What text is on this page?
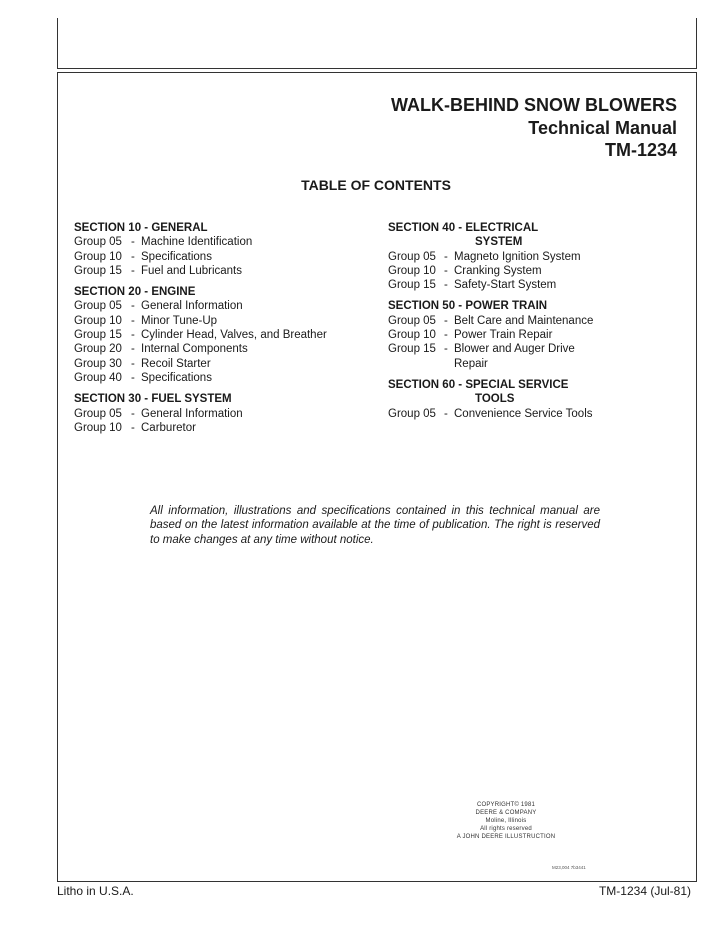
WALK-BEHIND SNOW BLOWERS
Technical Manual
TM-1234
TABLE OF CONTENTS
SECTION 10 - GENERAL
Group 05 - Machine Identification
Group 10 - Specifications
Group 15 - Fuel and Lubricants
SECTION 20 - ENGINE
Group 05 - General Information
Group 10 - Minor Tune-Up
Group 15 - Cylinder Head, Valves, and Breather
Group 20 - Internal Components
Group 30 - Recoil Starter
Group 40 - Specifications
SECTION 30 - FUEL SYSTEM
Group 05 - General Information
Group 10 - Carburetor
SECTION 40 - ELECTRICAL
SYSTEM
Group 05 - Magneto Ignition System
Group 10 - Cranking System
Group 15 - Safety-Start System
SECTION 50 - POWER TRAIN
Group 05 - Belt Care and Maintenance
Group 10 - Power Train Repair
Group 15 - Blower and Auger Drive Repair
SECTION 60 - SPECIAL SERVICE
TOOLS
Group 05 - Convenience Service Tools
All information, illustrations and specifications contained in this technical manual are based on the latest information available at the time of publication. The right is reserved to make changes at any time without notice.
COPYRIGHT© 1981
DEERE & COMPANY
Moline, Illinois
All rights reserved
A JOHN DEERE ILLUSTRUCTION
M23,004 7b3441
Litho in U.S.A.	TM-1234 (Jul-81)
